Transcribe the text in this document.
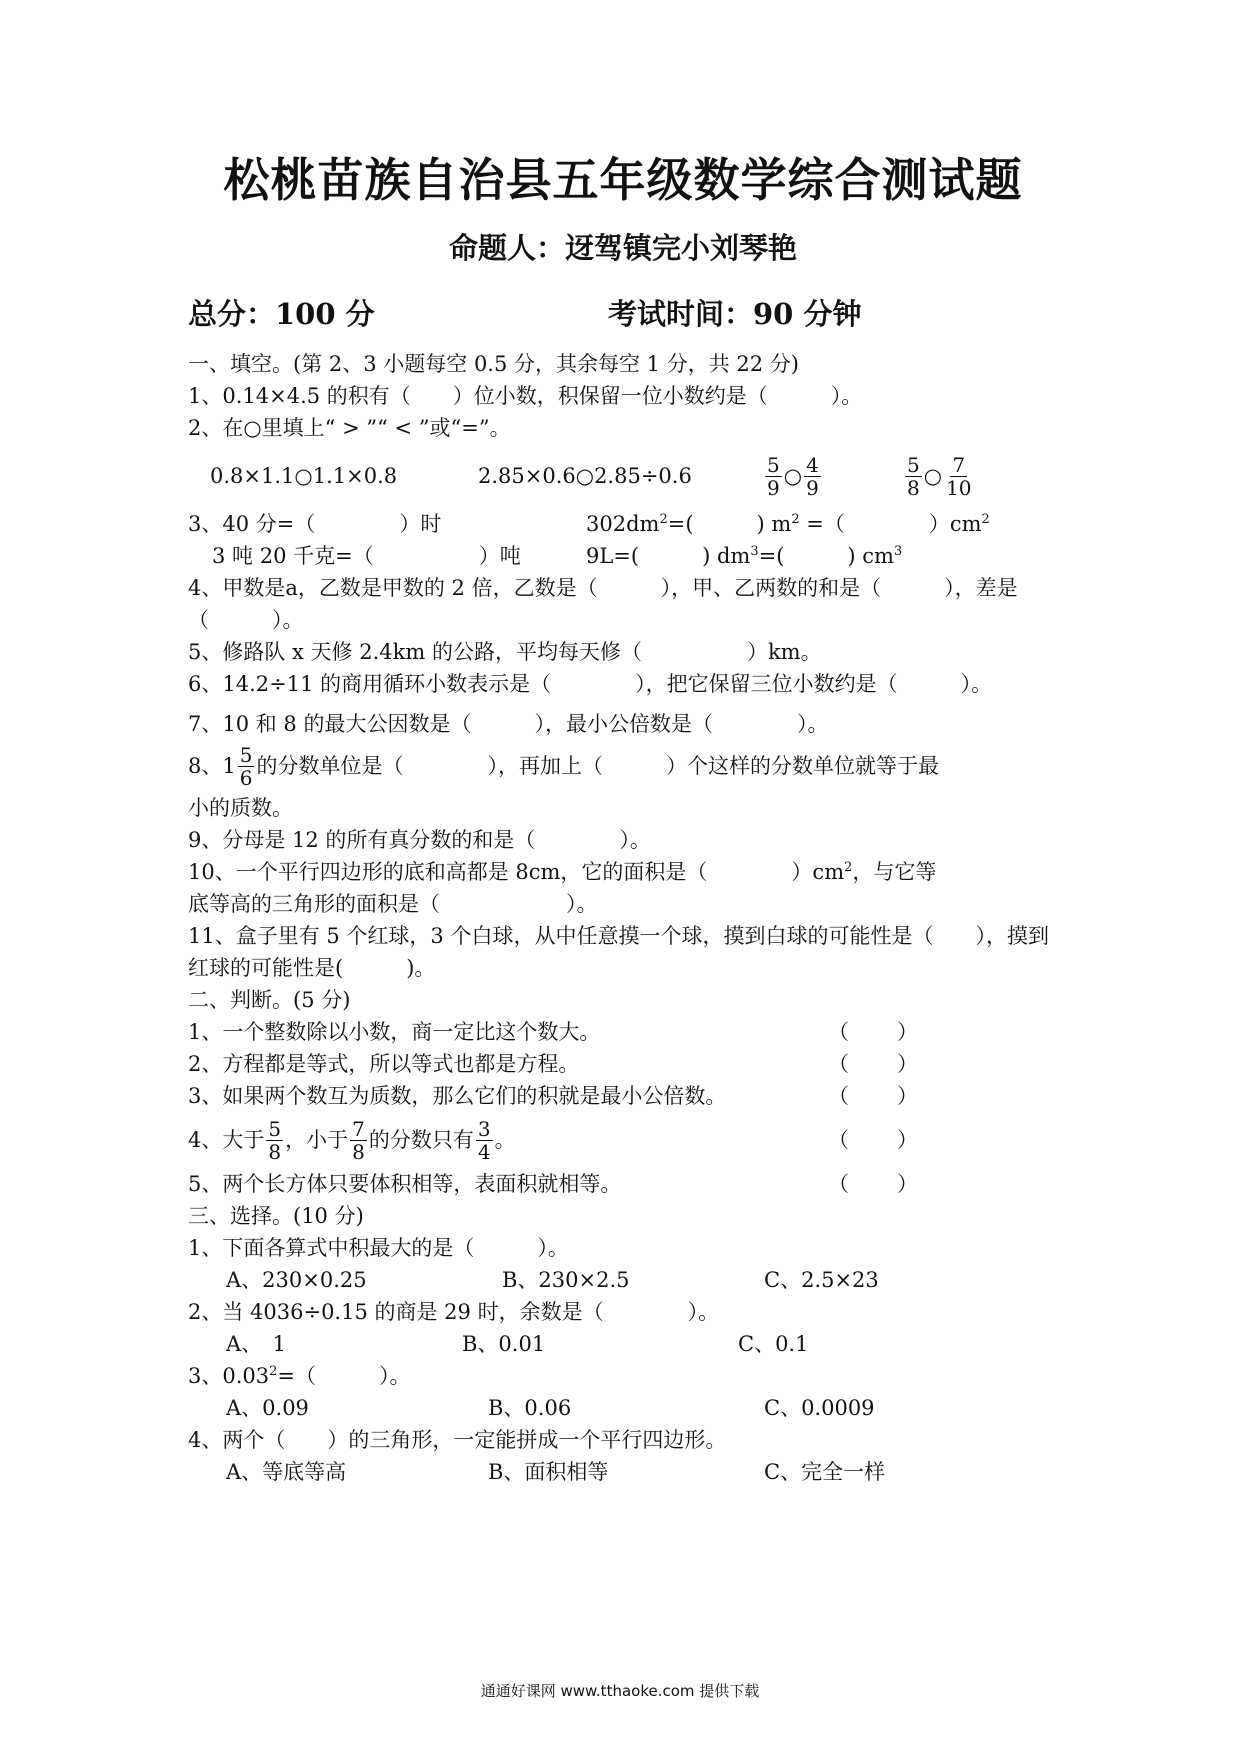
松桃苗族自治县五年级数学综合测试题
命题人：迓驾镇完小刘琴艳
总分：100 分	考试时间：90 分钟
一、填空。(第 2、3 小题每空 0.5 分，其余每空 1 分，共 22 分)
1、0.14×4.5 的积有（　　）位小数，积保留一位小数约是（　　　）。
2、在○里填上“ > ”“ < ”或“=”。
0.8×1.1○1.1×0.8	2.85×0.6○2.85÷0.6	$\frac{5}{9}$ ○ $\frac{4}{9}$	$\frac{5}{8}$ ○ $\frac{7}{10}$
3、40 分=（　　　　）时	$302dm^2=$(　　　) $m^2$ =（　　　　）$cm^2$
3 吨 20 千克=（　　　　　）吨	9L=(　　　) $dm^3=$(　　　) $cm^3$
4、甲数是a，乙数是甲数的 2 倍，乙数是（　　　），甲、乙两数的和是（　　　），差是（　　　）。
5、修路队 x 天修 2.4km 的公路，平均每天修（　　　　　）km。
6、14.2÷11 的商用循环小数表示是（　　　　），把它保留三位小数约是（　　　）。
7、10 和 8 的最大公因数是（　　　），最小公倍数是（　　　　）。
8、$1 \frac{5}{6}$ 的分数单位是（　　　　），再加上（　　　）个这样的分数单位就等于最
小的质数。
9、分母是 12 的所有真分数的和是（　　　　）。
10、一个平行四边形的底和高都是 8cm，它的面积是（　　　　）$cm^2$，与它等
底等高的三角形的面积是（　　　　　　）。
11、盒子里有 5 个红球，3 个白球，从中任意摸一个球，摸到白球的可能性是（　　），摸到红球的可能性是(　　　)。
二、判断。(5 分)
1、一个整数除以小数，商一定比这个数大。	（ ）
2、方程都是等式，所以等式也都是方程。	（ ）
3、如果两个数互为质数，那么它们的积就是最小公倍数。	（ ）
4、大于 $\frac{5}{8}$ ，小于 $\frac{7}{8}$ 的分数只有 $\frac{3}{4}$ 。	（ ）
5、两个长方体只要体积相等，表面积就相等。	（ ）
三、选择。(10 分)
1、下面各算式中积最大的是（　　　）。
A、230×0.25	B、230×2.5	C、2.5×23
2、当 4036÷0.15 的商是 29 时，余数是（　　　　）。
A、　1	B、0.01	C、0.1
3、$0.03^2=$（　　　）。
A、0.09	B、0.06	C、0.0009
4、两个（　　）的三角形，一定能拼成一个平行四边形。
A、等底等高	B、面积相等	C、完全一样
通通好课网 www.tthaoke.com 提供下载
